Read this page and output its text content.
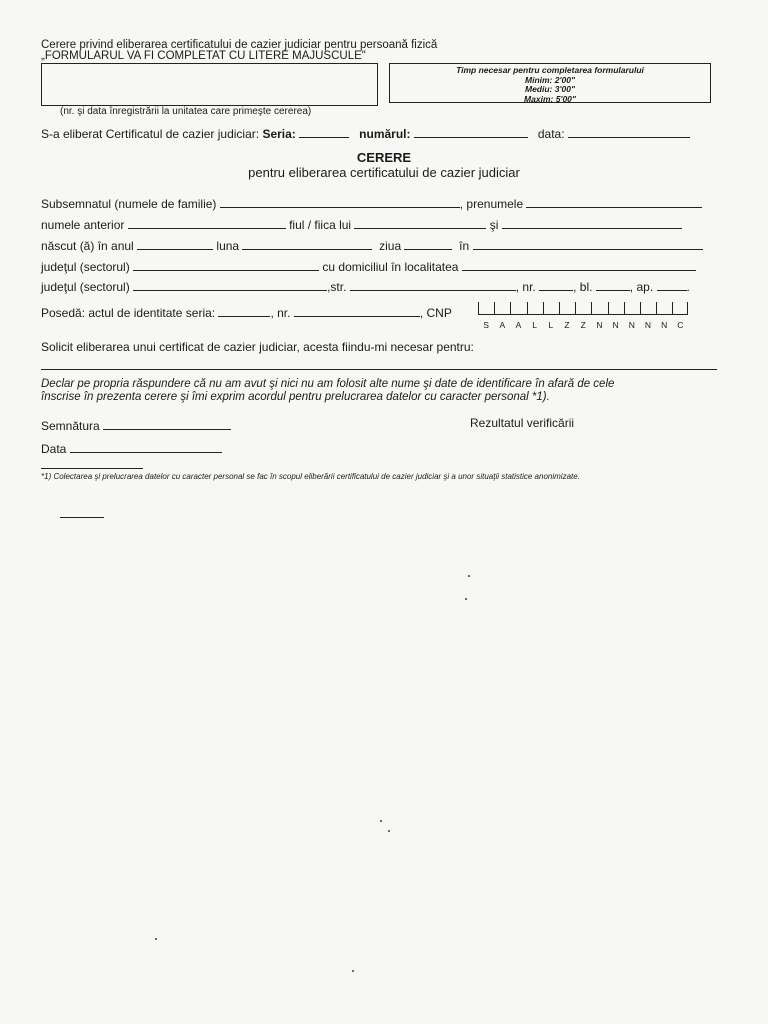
Cerere privind eliberarea certificatului de cazier judiciar pentru persoană fizică
„FORMULARUL VA FI COMPLETAT CU LITERE MAJUSCULE"
(nr. şi data înregistrării la unitatea care primeşte cererea)
Timp necesar pentru completarea formularului
Minim: 2'00"
Mediu: 3'00"
Maxim: 5'00"
S-a eliberat Certificatul de cazier judiciar: Seria:	numărul:	data:
CERERE
pentru eliberarea certificatului de cazier judiciar
Subsemnatul (numele de familie)	, prenumele
numele anterior	fiul / fiica lui	şi
născut (ă) în anul	luna	ziua	în
judeţul (sectorul)	cu domiciliul în localitatea
judeţul (sectorul)	,str.	, nr.	, bl.	, ap.	.
Posedă: actul de identitate seria:	, nr.	, CNP
S	A	A	L	L	Z	Z	N	N	N	N	N	C
Solicit eliberarea unui certificat de cazier judiciar, acesta fiindu-mi necesar pentru:
Declar pe propria răspundere că nu am avut şi nici nu am folosit alte nume şi date de identificare în afară de cele
înscrise în prezenta cerere şi îmi exprim acordul pentru prelucrarea datelor cu caracter personal *1).
Semnătura	Rezultatul verificării
Data
*1) Colectarea şi prelucrarea datelor cu caracter personal se fac în scopul eliberării certificatului de cazier judiciar şi a unor situaţii statistice anonimizate.
